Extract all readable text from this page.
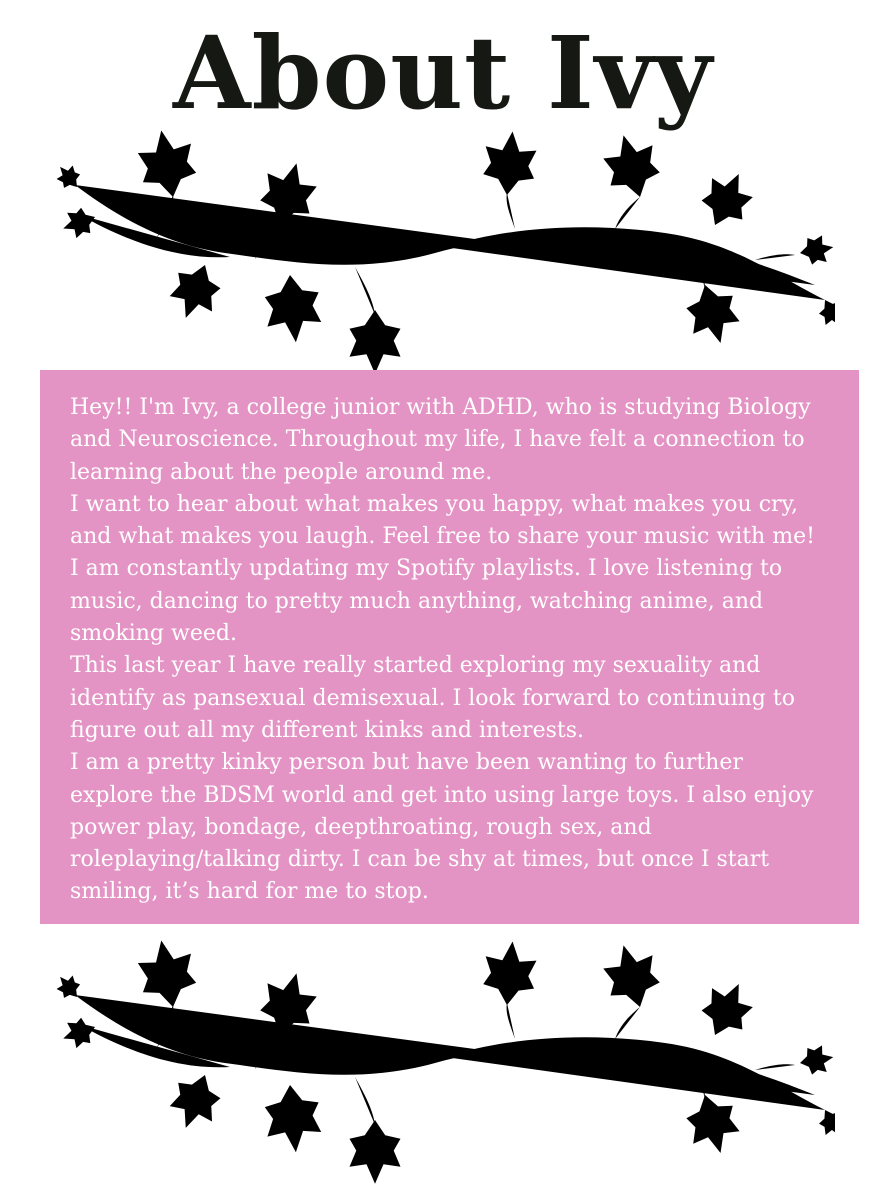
About Ivy

Hey!! I'm Ivy, a college junior with ADHD, who is studying Biology and Neuroscience. Throughout my life, I have felt a connection to learning about the people around me.

I want to hear about what makes you happy, what makes you cry, and what makes you laugh. Feel free to share your music with me! I am constantly updating my Spotify playlists. I love listening to music, dancing to pretty much anything, watching anime, and smoking weed.

This last year I have really started exploring my sexuality and identify as pansexual demisexual. I look forward to continuing to figure out all my different kinks and interests.

I am a pretty kinky person but have been wanting to further explore the BDSM world and get into using large toys. I also enjoy power play, bondage, deepthroating, rough sex, and roleplaying/talking dirty. I can be shy at times, but once I start smiling, it’s hard for me to stop.
